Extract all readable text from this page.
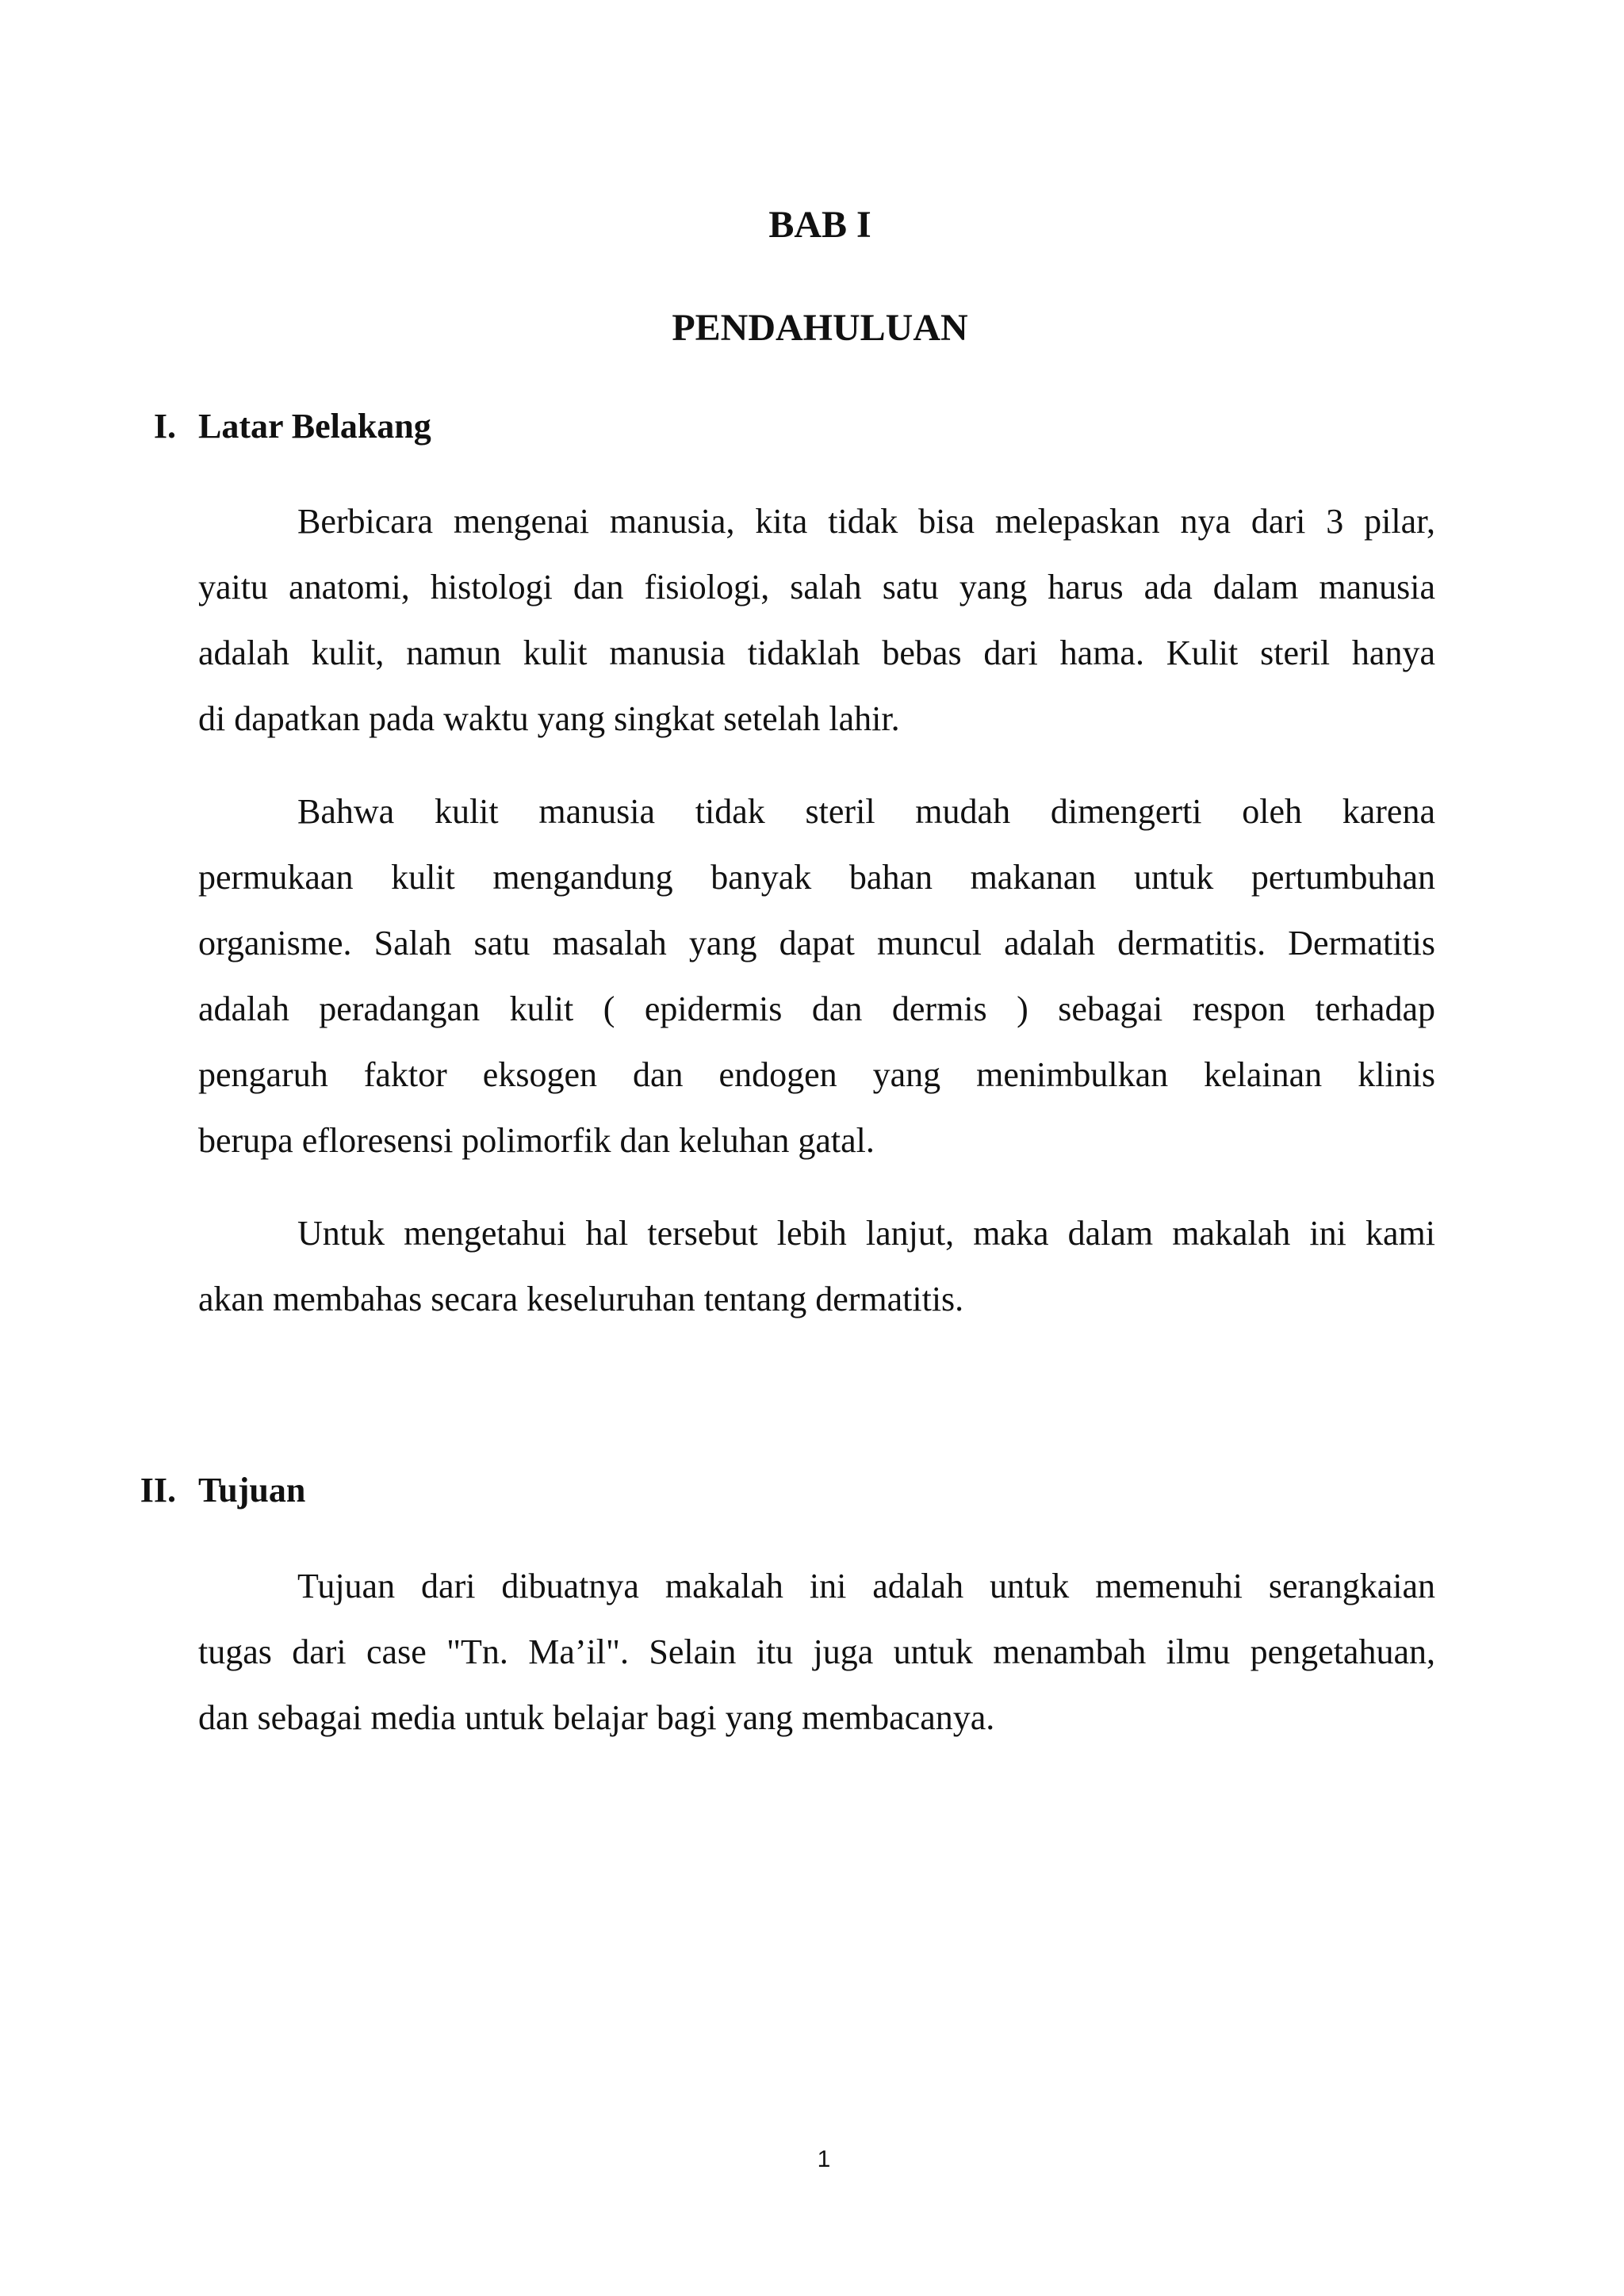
BAB I
PENDAHULUAN
I. Latar Belakang

Berbicara mengenai manusia, kita tidak bisa melepaskan nya dari 3 pilar,

yaitu anatomi, histologi dan fisiologi, salah satu yang harus ada dalam manusia

adalah kulit, namun kulit manusia tidaklah bebas dari hama. Kulit steril hanya

di dapatkan pada waktu yang singkat setelah lahir.

Bahwa kulit manusia tidak steril mudah dimengerti oleh karena

permukaan kulit mengandung banyak bahan makanan untuk pertumbuhan

organisme. Salah satu masalah yang dapat muncul adalah dermatitis. Dermatitis

adalah peradangan kulit ( epidermis dan dermis ) sebagai respon terhadap

pengaruh faktor eksogen dan endogen yang menimbulkan kelainan klinis

berupa efloresensi polimorfik dan keluhan gatal.

Untuk mengetahui hal tersebut lebih lanjut, maka dalam makalah ini kami

akan membahas secara keseluruhan tentang dermatitis.

II. Tujuan

Tujuan dari dibuatnya makalah ini adalah untuk memenuhi serangkaian

tugas dari case "Tn. Ma’il". Selain itu juga untuk menambah ilmu pengetahuan,

dan sebagai media untuk belajar bagi yang membacanya.

1
